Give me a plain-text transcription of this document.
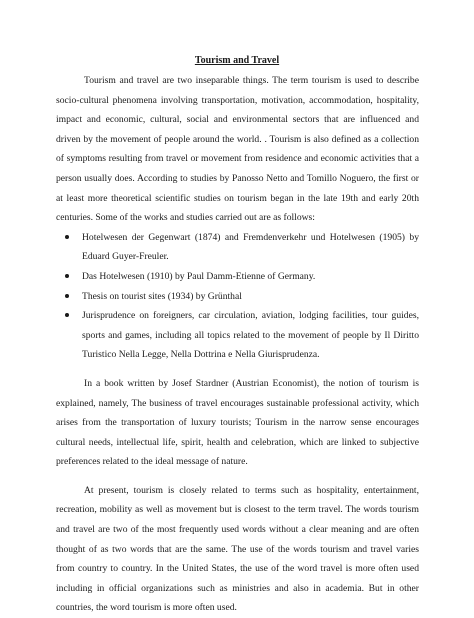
Tourism and Travel

Tourism and travel are two inseparable things. The term tourism is used to describe socio-cultural phenomena involving transportation, motivation, accommodation, hospitality, impact and economic, cultural, social and environmental sectors that are influenced and driven by the movement of people around the world. . Tourism is also defined as a collection of symptoms resulting from travel or movement from residence and economic activities that a person usually does. According to studies by Panosso Netto and Tomillo Noguero, the first or at least more theoretical scientific studies on tourism began in the late 19th and early 20th centuries. Some of the works and studies carried out are as follows:

Hotelwesen der Gegenwart (1874) and Fremdenverkehr und Hotelwesen (1905) by Eduard Guyer-Freuler.
Das Hotelwesen (1910) by Paul Damm-Etienne of Germany.
Thesis on tourist sites (1934) by Grünthal
Jurisprudence on foreigners, car circulation, aviation, lodging facilities, tour guides, sports and games, including all topics related to the movement of people by Il Diritto Turistico Nella Legge, Nella Dottrina e Nella Giurisprudenza.

In a book written by Josef Stardner (Austrian Economist), the notion of tourism is explained, namely, The business of travel encourages sustainable professional activity, which arises from the transportation of luxury tourists; Tourism in the narrow sense encourages cultural needs, intellectual life, spirit, health and celebration, which are linked to subjective preferences related to the ideal message of nature.

At present, tourism is closely related to terms such as hospitality, entertainment, recreation, mobility as well as movement but is closest to the term travel. The words tourism and travel are two of the most frequently used words without a clear meaning and are often thought of as two words that are the same. The use of the words tourism and travel varies from country to country. In the United States, the use of the word travel is more often used including in official organizations such as ministries and also in academia. But in other countries, the word tourism is more often used.
